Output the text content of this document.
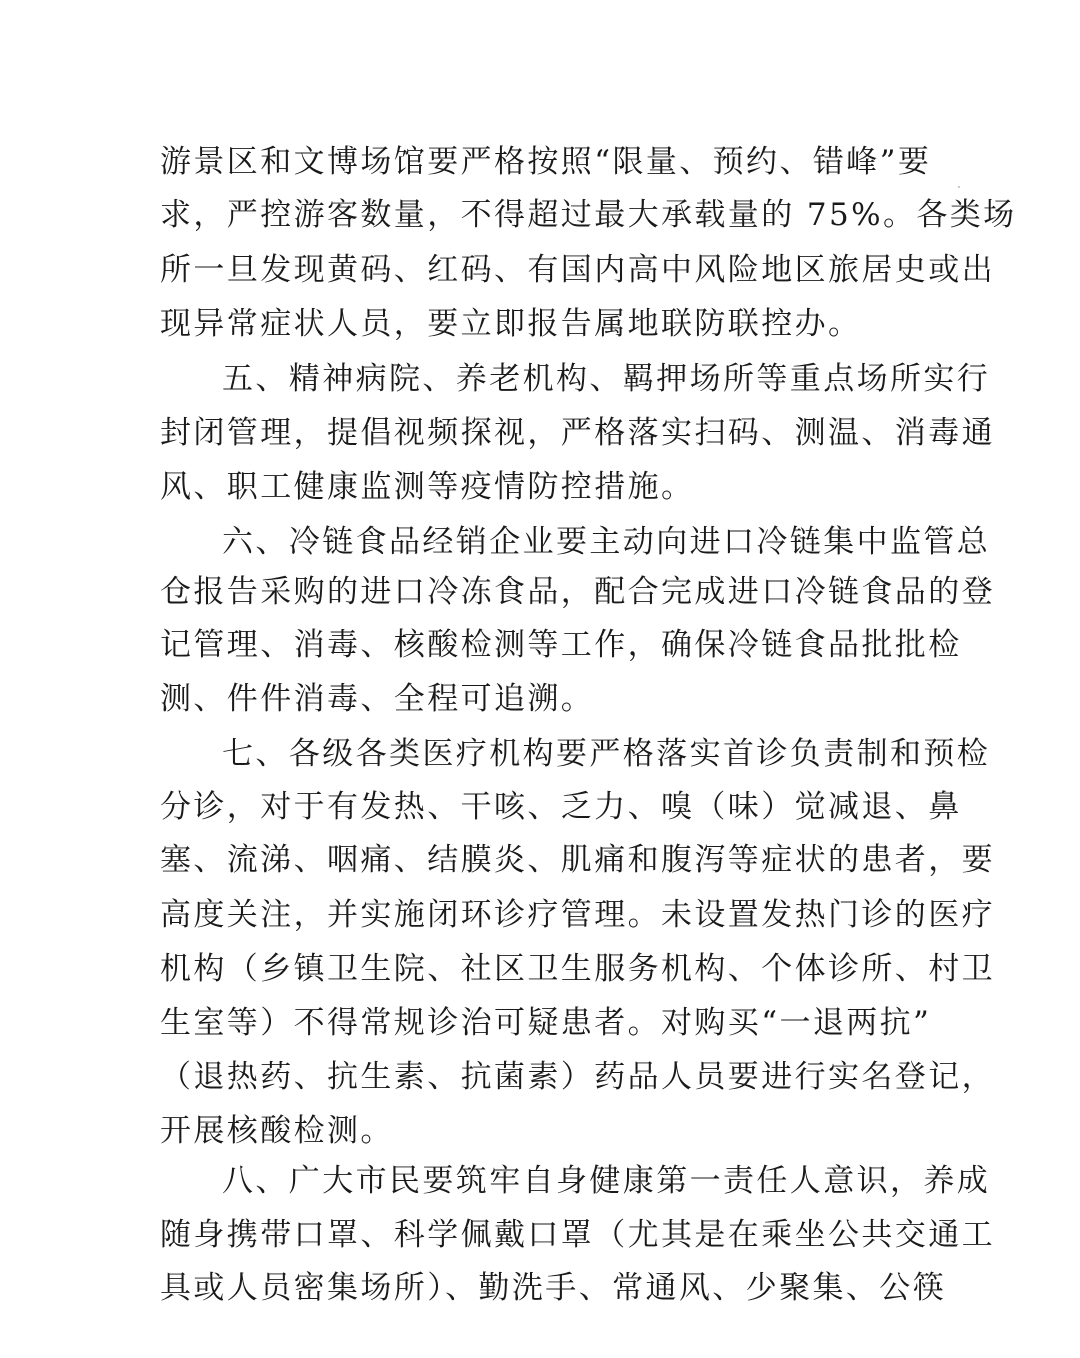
游景区和文博场馆要严格按照“限量、预约、错峰”要
求，严控游客数量，不得超过最大承载量的 75%。各类场
所一旦发现黄码、红码、有国内高中风险地区旅居史或出
现异常症状人员，要立即报告属地联防联控办。
五、精神病院、养老机构、羁押场所等重点场所实行
封闭管理，提倡视频探视，严格落实扫码、测温、消毒通
风、职工健康监测等疫情防控措施。
六、冷链食品经销企业要主动向进口冷链集中监管总
仓报告采购的进口冷冻食品，配合完成进口冷链食品的登
记管理、消毒、核酸检测等工作，确保冷链食品批批检
测、件件消毒、全程可追溯。
七、各级各类医疗机构要严格落实首诊负责制和预检
分诊，对于有发热、干咳、乏力、嗅（味）觉减退、鼻
塞、流涕、咽痛、结膜炎、肌痛和腹泻等症状的患者，要
高度关注，并实施闭环诊疗管理。未设置发热门诊的医疗
机构（乡镇卫生院、社区卫生服务机构、个体诊所、村卫
生室等）不得常规诊治可疑患者。对购买“一退两抗”
（退热药、抗生素、抗菌素）药品人员要进行实名登记，
开展核酸检测。
八、广大市民要筑牢自身健康第一责任人意识，养成
随身携带口罩、科学佩戴口罩（尤其是在乘坐公共交通工
具或人员密集场所）、勤洗手、常通风、少聚集、公筷
